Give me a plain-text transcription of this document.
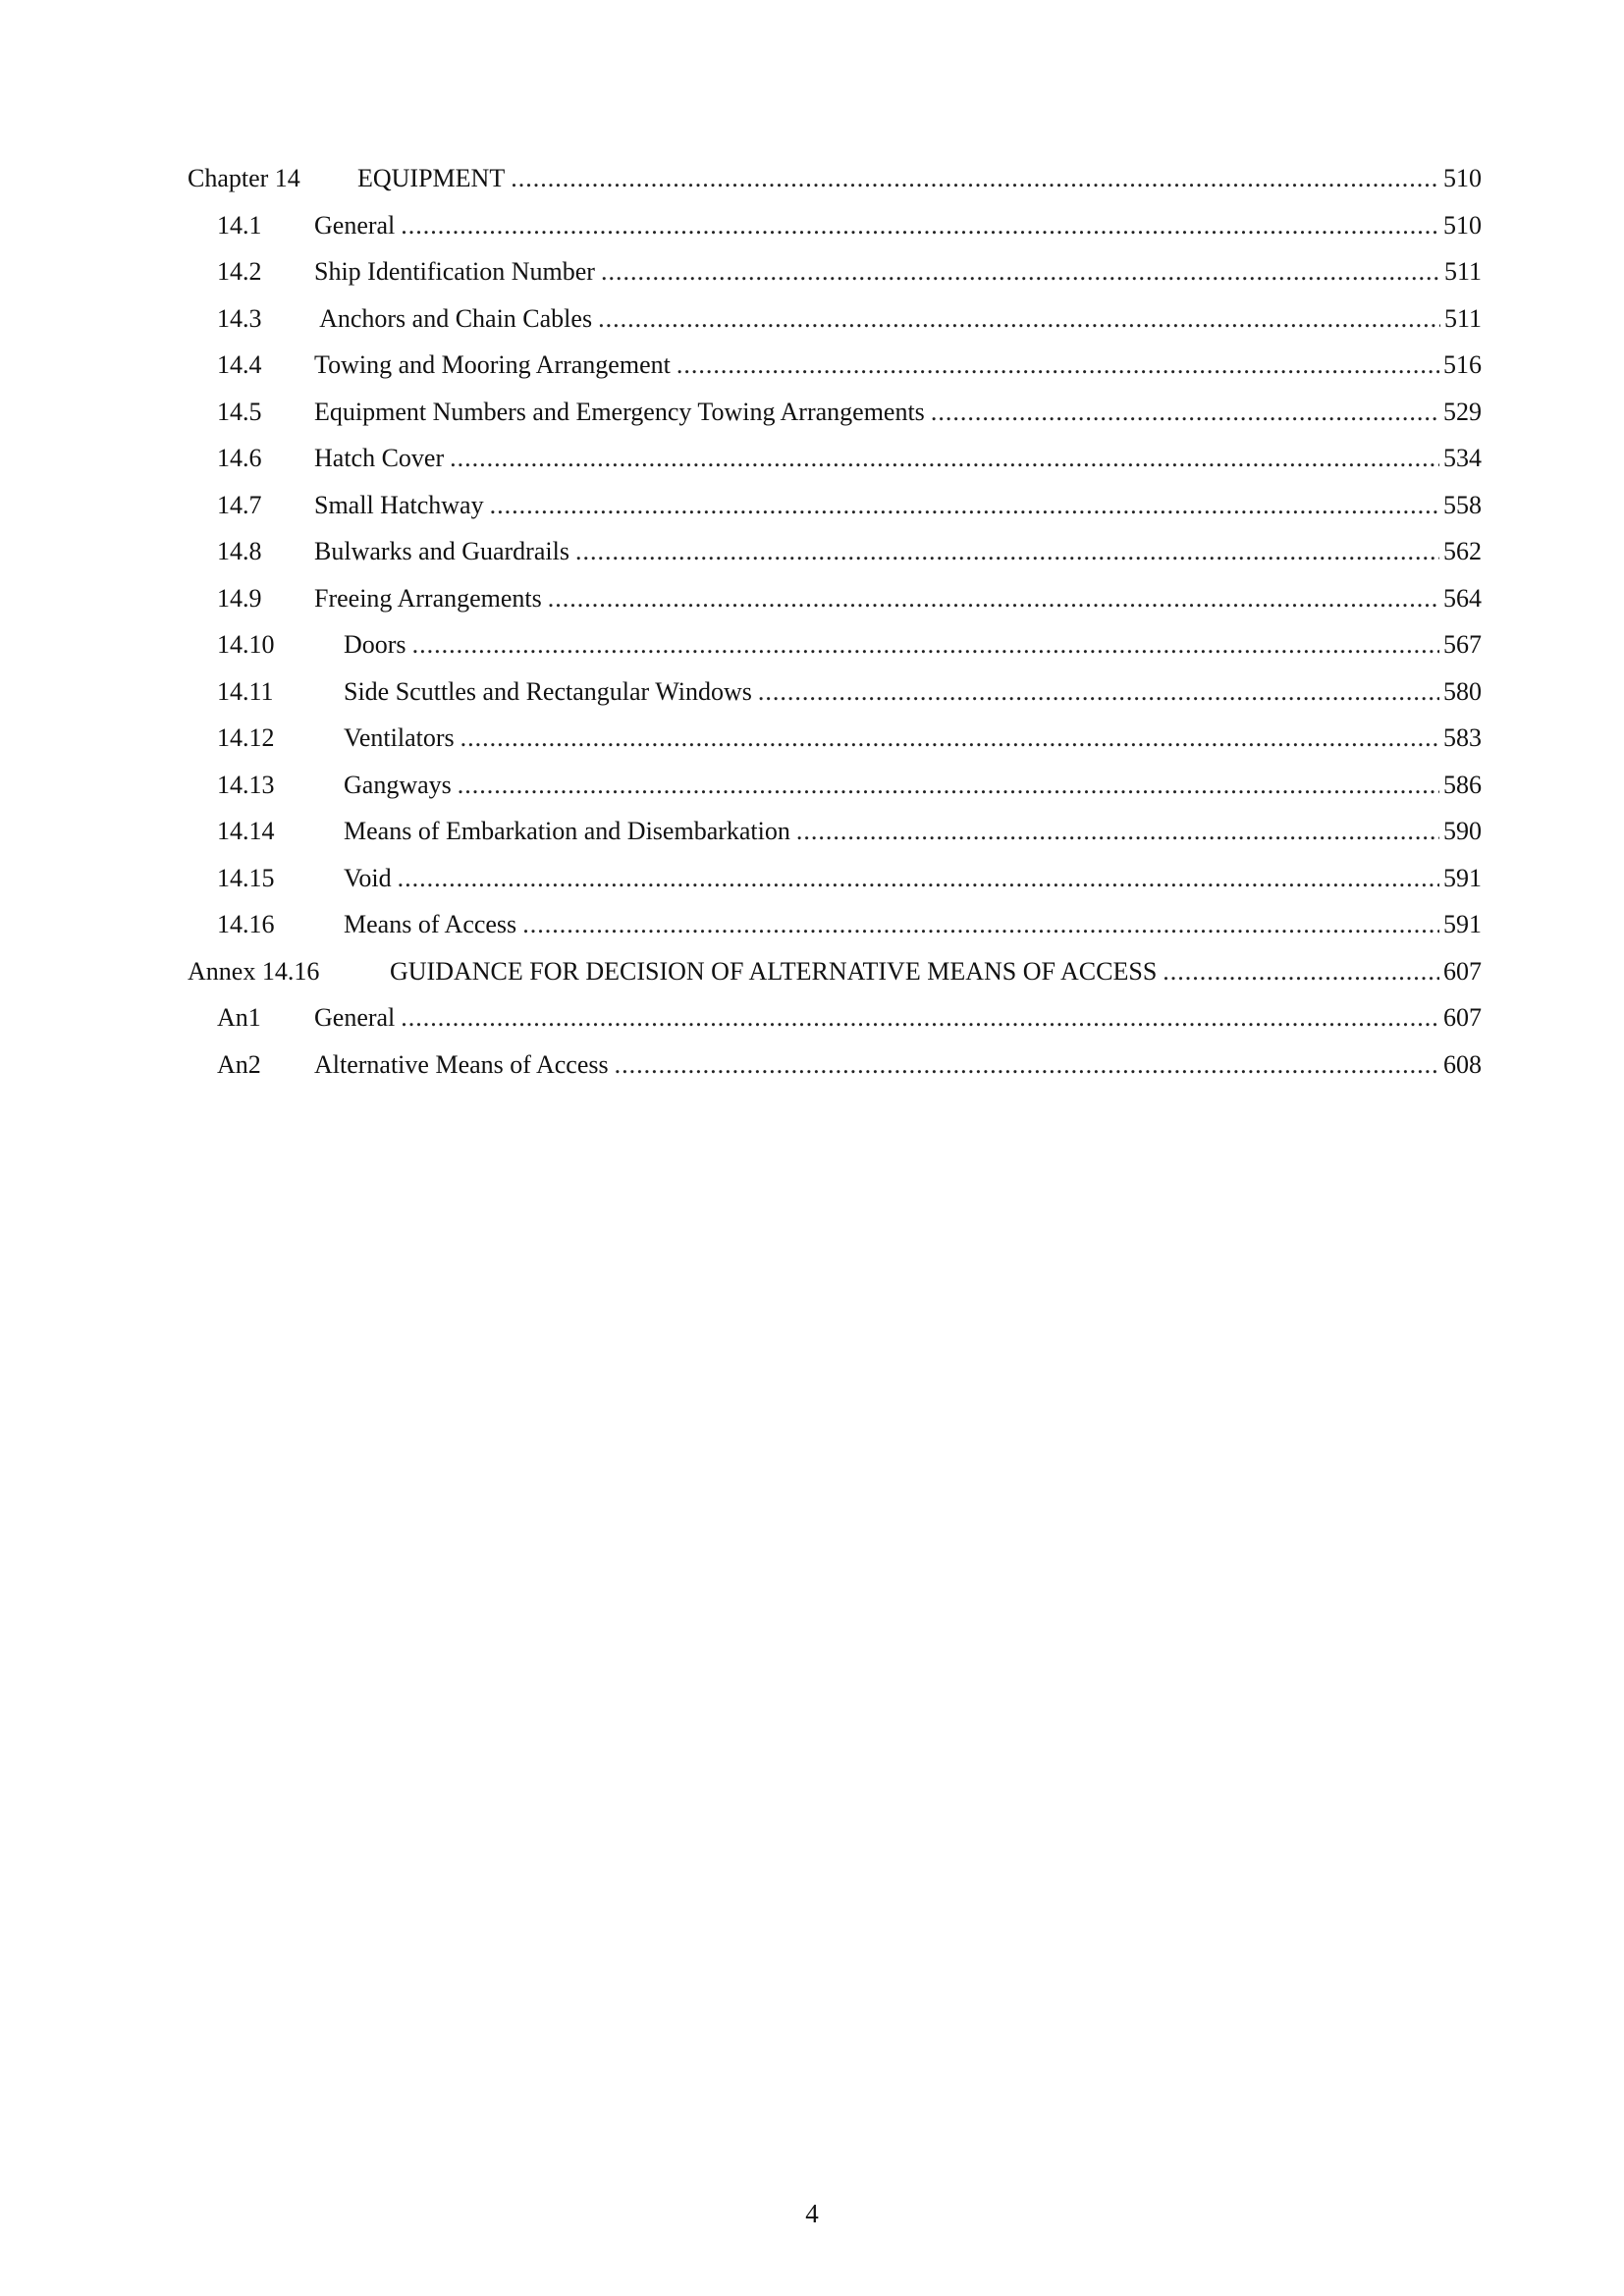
Chapter 14	EQUIPMENT .....	510
14.1	General .....	510
14.2	Ship Identification Number .....	511
14.3	Anchors and Chain Cables .....	511
14.4	Towing and Mooring Arrangement .....	516
14.5	Equipment Numbers and Emergency Towing Arrangements .....	529
14.6	Hatch Cover .....	534
14.7	Small Hatchway .....	558
14.8	Bulwarks and Guardrails .....	562
14.9	Freeing Arrangements .....	564
14.10	Doors .....	567
14.11	Side Scuttles and Rectangular Windows .....	580
14.12	Ventilators .....	583
14.13	Gangways .....	586
14.14	Means of Embarkation and Disembarkation .....	590
14.15	Void .....	591
14.16	Means of Access .....	591
Annex 14.16	GUIDANCE FOR DECISION OF ALTERNATIVE MEANS OF ACCESS .....	607
An1	General .....	607
An2	Alternative Means of Access .....	608
4
